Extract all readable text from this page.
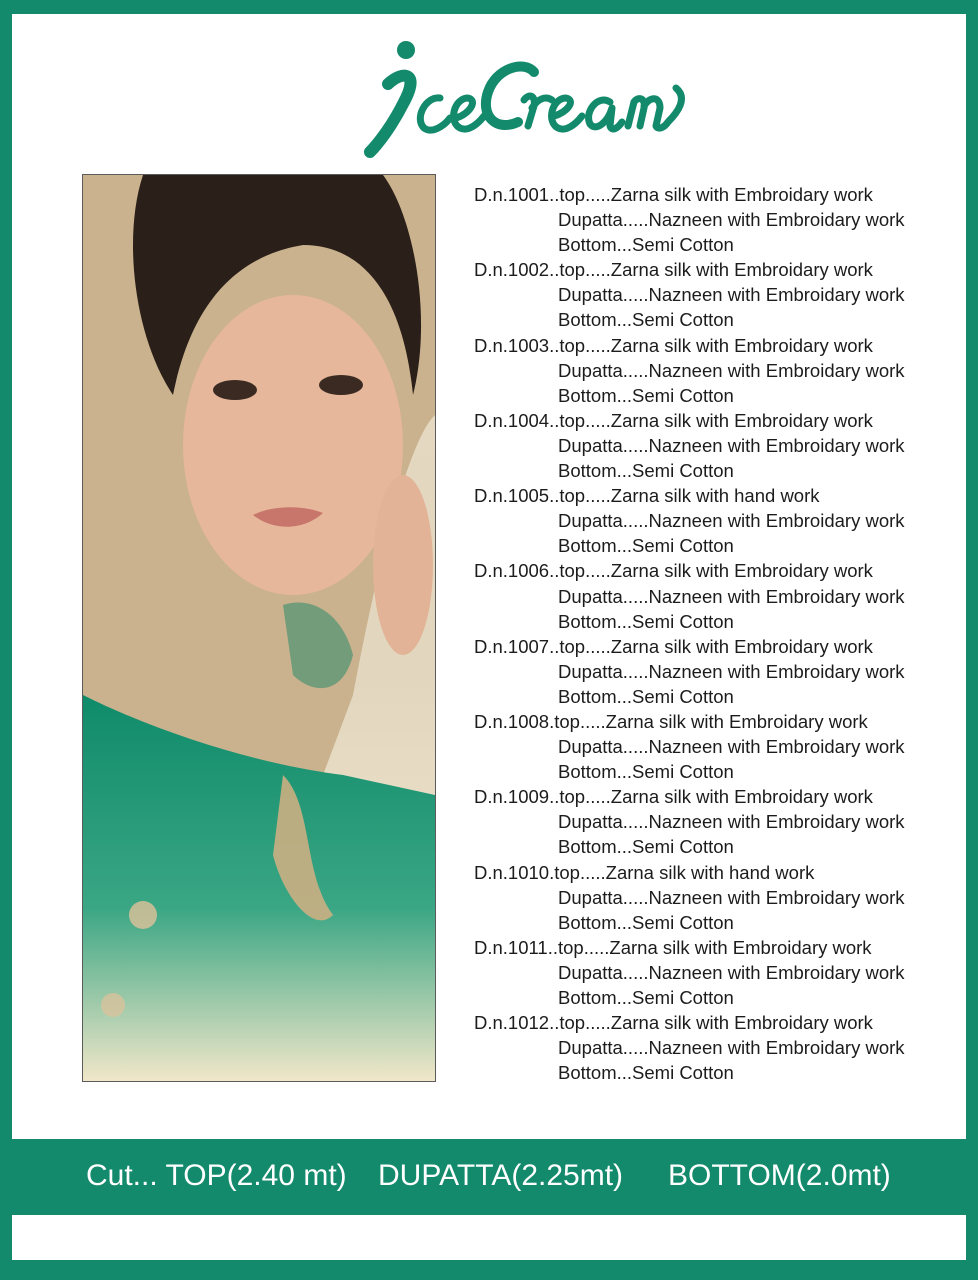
D.n.1001..top.....Zarna silk with Embroidary work
Dupatta.....Nazneen with Embroidary work
Bottom...Semi Cotton
D.n.1002..top.....Zarna silk with Embroidary work
Dupatta.....Nazneen with Embroidary work
Bottom...Semi Cotton
D.n.1003..top.....Zarna silk with Embroidary work
Dupatta.....Nazneen with Embroidary work
Bottom...Semi Cotton
D.n.1004..top.....Zarna silk with Embroidary work
Dupatta.....Nazneen with Embroidary work
Bottom...Semi Cotton
D.n.1005..top.....Zarna silk with hand work
Dupatta.....Nazneen with Embroidary work
Bottom...Semi Cotton
D.n.1006..top.....Zarna silk with Embroidary work
Dupatta.....Nazneen with Embroidary work
Bottom...Semi Cotton
D.n.1007..top.....Zarna silk with Embroidary work
Dupatta.....Nazneen with Embroidary work
Bottom...Semi Cotton
D.n.1008.top.....Zarna silk with Embroidary work
Dupatta.....Nazneen with Embroidary work
Bottom...Semi Cotton
D.n.1009..top.....Zarna silk with Embroidary work
Dupatta.....Nazneen with Embroidary work
Bottom...Semi Cotton
D.n.1010.top.....Zarna silk with hand work
Dupatta.....Nazneen with Embroidary work
Bottom...Semi Cotton
D.n.1011..top.....Zarna silk with Embroidary work
Dupatta.....Nazneen with Embroidary work
Bottom...Semi Cotton
D.n.1012..top.....Zarna silk with Embroidary work
Dupatta.....Nazneen with Embroidary work
Bottom...Semi Cotton
Cut... TOP(2.40 mt) DUPATTA(2.25mt) BOTTOM(2.0mt)
